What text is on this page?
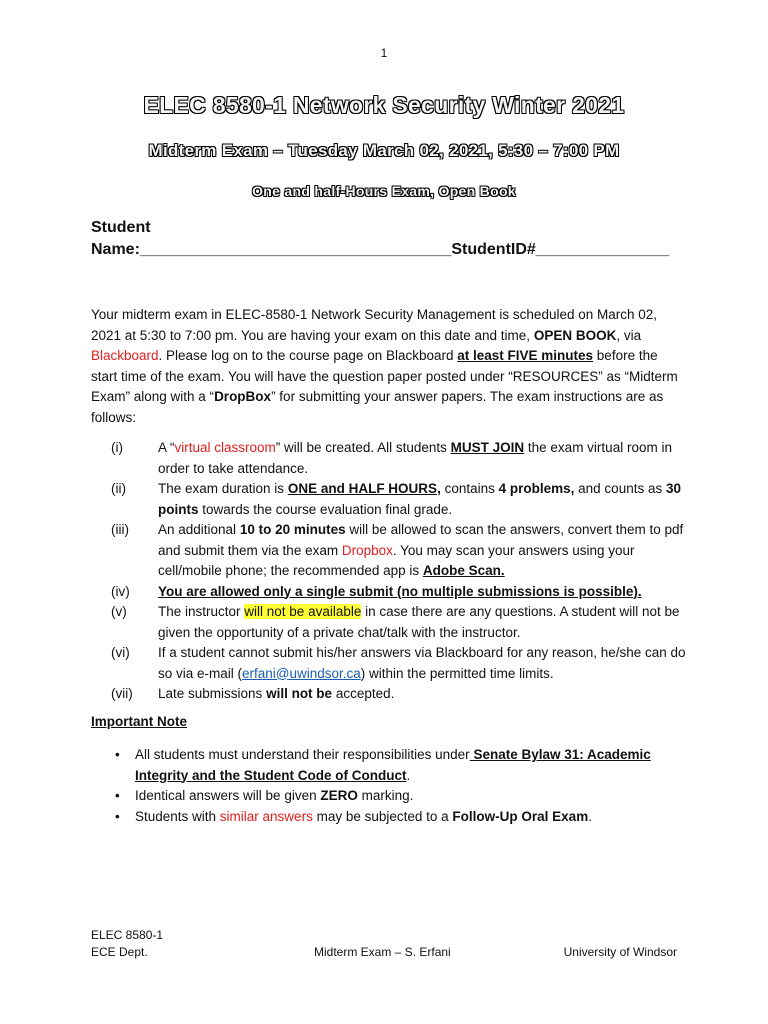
1
ELEC 8580-1 Network Security Winter 2021
Midterm Exam – Tuesday March 02, 2021, 5:30 – 7:00 PM
One and half-Hours Exam, Open Book
Student
Name:___________________________________StudentID#_______________
Your midterm exam in ELEC-8580-1 Network Security Management is scheduled on March 02, 2021 at 5:30 to 7:00 pm. You are having your exam on this date and time, OPEN BOOK, via Blackboard. Please log on to the course page on Blackboard at least FIVE minutes before the start time of the exam. You will have the question paper posted under “RESOURCES” as “Midterm Exam” along with a “DropBox” for submitting your answer papers. The exam instructions are as follows:
(i)	A “virtual classroom” will be created. All students MUST JOIN the exam virtual room in order to take attendance.
(ii)	The exam duration is ONE and HALF HOURS, contains 4 problems, and counts as 30 points towards the course evaluation final grade.
(iii)	An additional 10 to 20 minutes will be allowed to scan the answers, convert them to pdf and submit them via the exam Dropbox. You may scan your answers using your cell/mobile phone; the recommended app is Adobe Scan.
(iv)	You are allowed only a single submit (no multiple submissions is possible).
(v)	The instructor will not be available in case there are any questions. A student will not be given the opportunity of a private chat/talk with the instructor.
(vi)	If a student cannot submit his/her answers via Blackboard for any reason, he/she can do so via e-mail (erfani@uwindsor.ca) within the permitted time limits.
(vii)	Late submissions will not be accepted.
Important Note
•	All students must understand their responsibilities under Senate Bylaw 31: Academic Integrity and the Student Code of Conduct.
•	Identical answers will be given ZERO marking.
•	Students with similar answers may be subjected to a Follow-Up Oral Exam.
ELEC 8580-1
ECE Dept.	Midterm Exam – S. Erfani	University of Windsor
